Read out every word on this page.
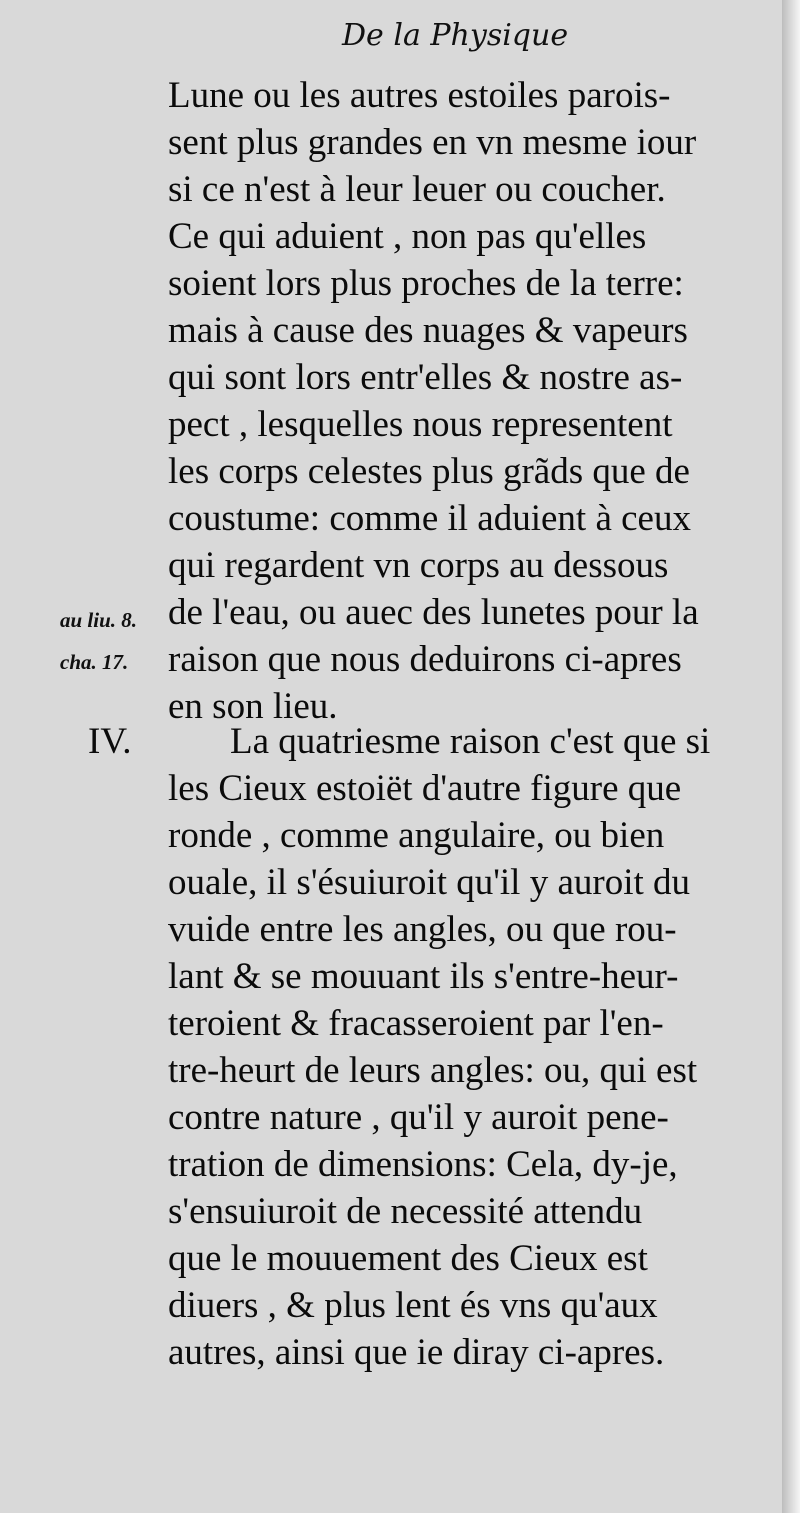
De la Physique
Lune ou les autres estoiles parois-
sent plus grandes en vn mesme iour
si ce n'est à leur leuer ou coucher.
Ce qui aduient , non pas qu'elles
soient lors plus proches de la terre:
mais à cause des nuages & vapeurs
qui sont lors entr'elles & nostre as-
pect , lesquelles nous representent
les corps celestes plus grãds que de
coustume: comme il aduient à ceux
qui regardent vn corps au dessous
de l'eau, ou auec des lunetes pour la
raison que nous deduirons ci-apres
en son lieu.
au liu. 8.
cha. 17.
IV.	La quatriesme raison c'est que si
les Cieux estoiët d'autre figure que
ronde , comme angulaire, ou bien
ouale, il s'ésuiuroit qu'il y auroit du
vuide entre les angles, ou que rou-
lant & se mouuant ils s'entre-heur-
teroient & fracasseroient par l'en-
tre-heurt de leurs angles: ou, qui est
contre nature , qu'il y auroit pene-
tration de dimensions: Cela, dy-je,
s'ensuiuroit de necessité attendu
que le mouuement des Cieux est
diuers , & plus lent és vns qu'aux
autres, ainsi que ie diray ci-apres.
